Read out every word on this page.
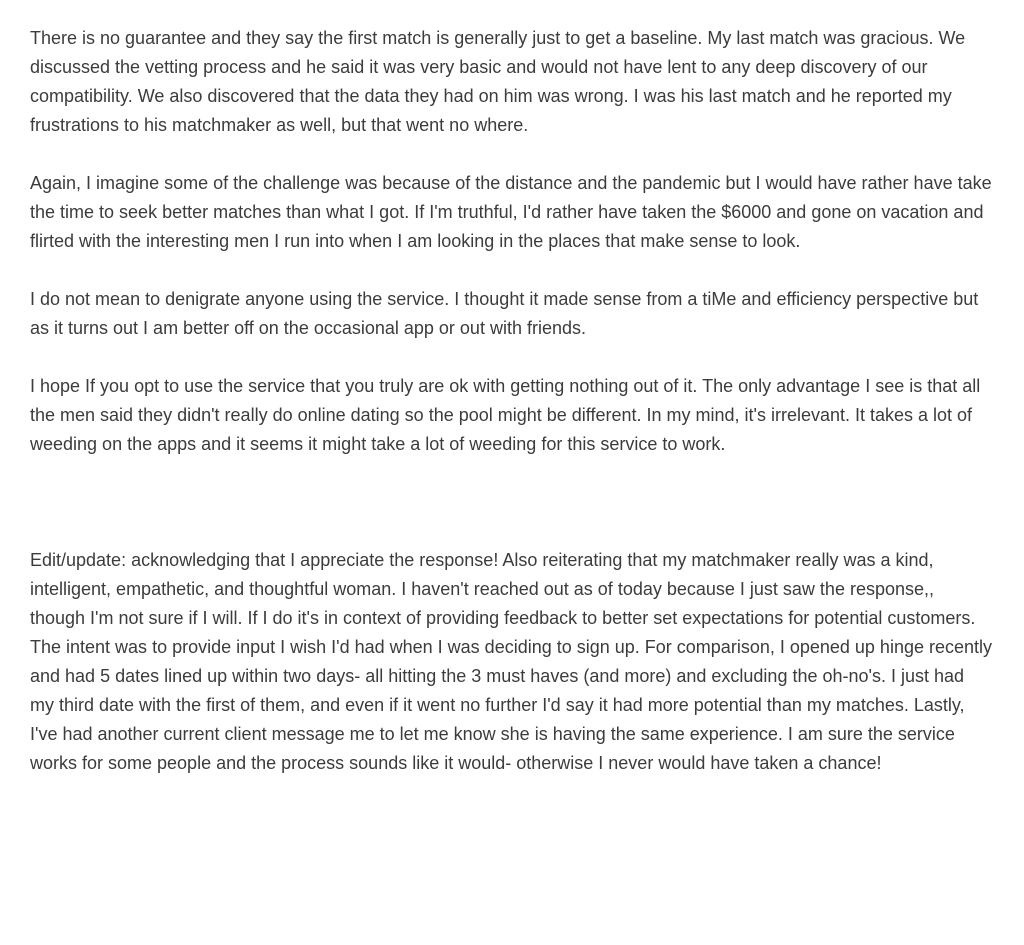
There is no guarantee and they say the first match is generally just to get a baseline. My last match was gracious. We discussed the vetting process and he said it was very basic and would not have lent to any deep discovery of our compatibility. We also discovered that the data they had on him was wrong. I was his last match and he reported my frustrations to his matchmaker as well, but that went no where.

Again, I imagine some of the challenge was because of the distance and the pandemic but I would have rather have take the time to seek better matches than what I got. If I'm truthful, I'd rather have taken the $6000 and gone on vacation and flirted with the interesting men I run into when I am looking in the places that make sense to look.

I do not mean to denigrate anyone using the service. I thought it made sense from a tiMe and efficiency perspective but as it turns out I am better off on the occasional app or out with friends.

I hope If you opt to use the service that you truly are ok with getting nothing out of it. The only advantage I see is that all the men said they didn't really do online dating so the pool might be different. In my mind, it's irrelevant. It takes a lot of weeding on the apps and it seems it might take a lot of weeding for this service to work.

Edit/update: acknowledging that I appreciate the response! Also reiterating that my matchmaker really was a kind, intelligent, empathetic, and thoughtful woman. I haven't reached out as of today because I just saw the response,, though I'm not sure if I will. If I do it's in context of providing feedback to better set expectations for potential customers. The intent was to provide input I wish I'd had when I was deciding to sign up. For comparison, I opened up hinge recently and had 5 dates lined up within two days- all hitting the 3 must haves (and more) and excluding the oh-no's. I just had my third date with the first of them, and even if it went no further I'd say it had more potential than my matches. Lastly, I've had another current client message me to let me know she is having the same experience. I am sure the service works for some people and the process sounds like it would- otherwise I never would have taken a chance!
